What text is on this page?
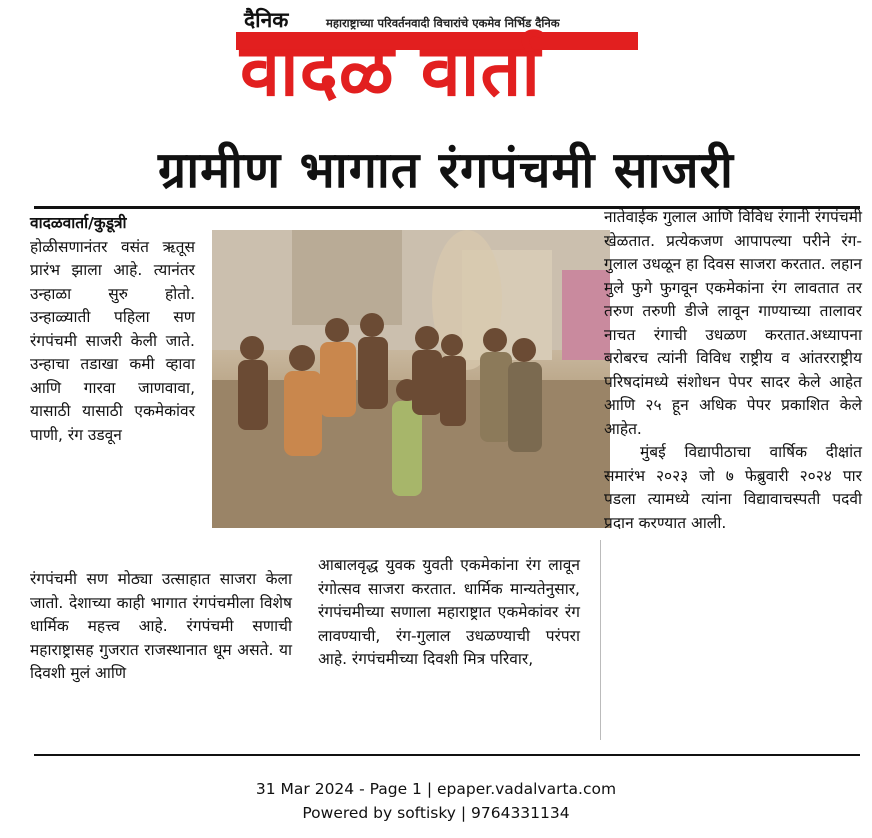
दैनिक	महाराष्ट्राच्या परिवर्तनवादी विचारांचे एकमेव निर्भिड दैनिक
वादळ वार्ता
ग्रामीण भागात रंगपंचमी साजरी

वादळवार्ता/कुडूत्री

होळीसणानंतर वसंत ऋतूस प्रारंभ झाला आहे. त्यानंतर उन्हाळा सुरु होतो. उन्हाळ्याती पहिला सण रंगपंचमी साजरी केली जाते. उन्हाचा तडाखा कमी व्हावा आणि गारवा जाणवावा, यासाठी यासाठी एकमेकांवर पाणी, रंग उडवून

रंगपंचमी सण मोठ्या उत्साहात साजरा केला जातो. देशाच्या काही भागात रंगपंचमीला विशेष धार्मिक महत्त्व आहे. रंगपंचमी सणाची महाराष्ट्रासह गुजरात राजस्थानात धूम असते. या दिवशी मुलं आणि

आबालवृद्ध युवक युवती एकमेकांना रंग लावून रंगोत्सव साजरा करतात. धार्मिक मान्यतेनुसार, रंगपंचमीच्या सणाला महाराष्ट्रात एकमेकांवर रंग लावण्याची, रंग-गुलाल उधळण्याची परंपरा आहे. रंगपंचमीच्या दिवशी मित्र परिवार,

नातेवाईक गुलाल आणि विविध रंगानी रंगपंचमी खेळतात. प्रत्येकजण आपापल्या परीने रंग-गुलाल उधळून हा दिवस साजरा करतात. लहान मुले फुगे फुगवून एकमेकांना रंग लावतात तर तरुण तरुणी डीजे लावून गाण्याच्या तालावर नाचत रंगाची उधळण करतात.अध्यापना बरोबरच त्यांनी विविध राष्ट्रीय व आंतरराष्ट्रीय परिषदांमध्ये संशोधन पेपर सादर केले आहेत आणि २५ हून अधिक पेपर प्रकाशित केले आहेत.

मुंबई विद्यापीठाचा वार्षिक दीक्षांत समारंभ २०२३ जो ७ फेब्रुवारी २०२४ पार पडला त्यामध्ये त्यांना विद्यावाचस्पती पदवी प्रदान करण्यात आली.

31 Mar 2024 - Page 1 | epaper.vadalvarta.com
Powered by softisky | 9764331134
